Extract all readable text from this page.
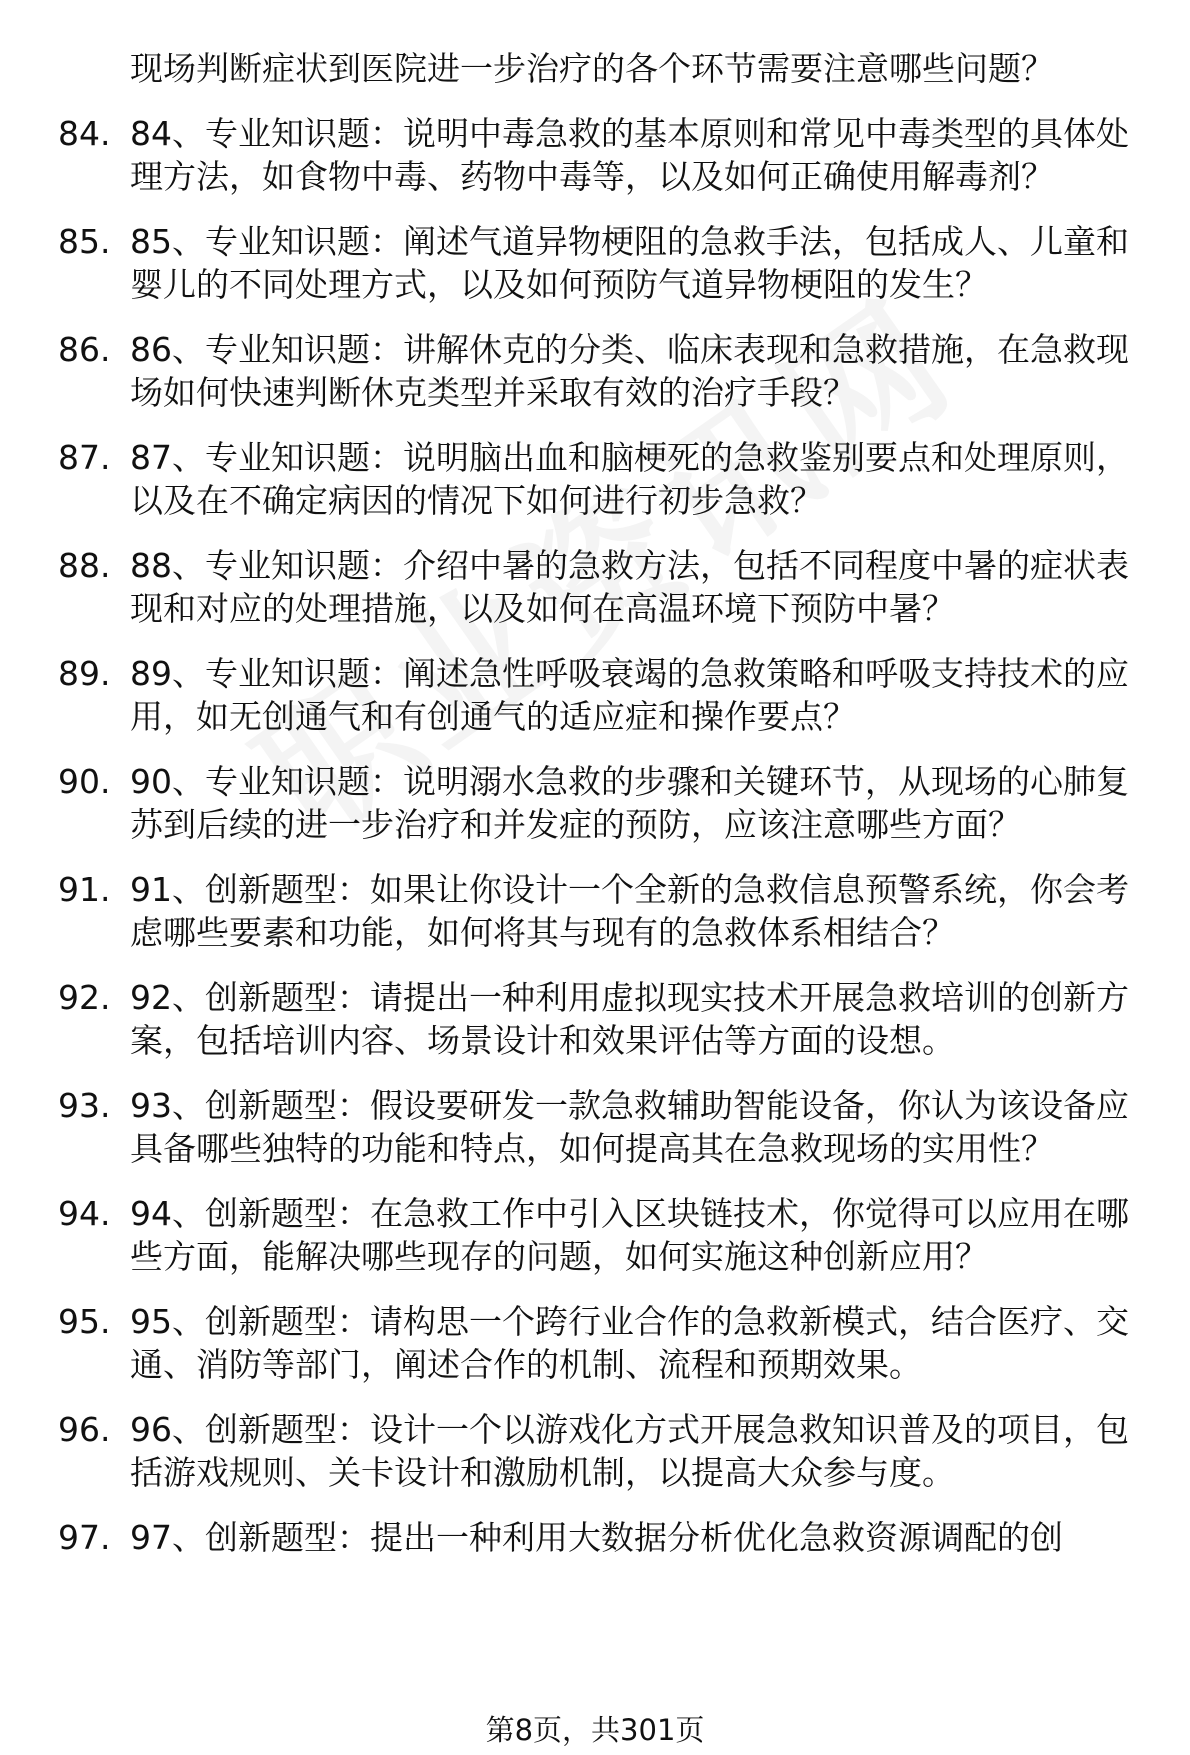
现场判断症状到医院进一步治疗的各个环节需要注意哪些问题？
84. 84、专业知识题：说明中毒急救的基本原则和常见中毒类型的具体处理方法，如食物中毒、药物中毒等，以及如何正确使用解毒剂？
85. 85、专业知识题：阐述气道异物梗阻的急救手法，包括成人、儿童和婴儿的不同处理方式，以及如何预防气道异物梗阻的发生？
86. 86、专业知识题：讲解休克的分类、临床表现和急救措施，在急救现场如何快速判断休克类型并采取有效的治疗手段？
87. 87、专业知识题：说明脑出血和脑梗死的急救鉴别要点和处理原则，以及在不确定病因的情况下如何进行初步急救？
88. 88、专业知识题：介绍中暑的急救方法，包括不同程度中暑的症状表现和对应的处理措施，以及如何在高温环境下预防中暑？
89. 89、专业知识题：阐述急性呼吸衰竭的急救策略和呼吸支持技术的应用，如无创通气和有创通气的适应症和操作要点？
90. 90、专业知识题：说明溺水急救的步骤和关键环节，从现场的心肺复苏到后续的进一步治疗和并发症的预防，应该注意哪些方面？
91. 91、创新题型：如果让你设计一个全新的急救信息预警系统，你会考虑哪些要素和功能，如何将其与现有的急救体系相结合？
92. 92、创新题型：请提出一种利用虚拟现实技术开展急救培训的创新方案，包括培训内容、场景设计和效果评估等方面的设想。
93. 93、创新题型：假设要研发一款急救辅助智能设备，你认为该设备应具备哪些独特的功能和特点，如何提高其在急救现场的实用性？
94. 94、创新题型：在急救工作中引入区块链技术，你觉得可以应用在哪些方面，能解决哪些现存的问题，如何实施这种创新应用？
95. 95、创新题型：请构思一个跨行业合作的急救新模式，结合医疗、交通、消防等部门，阐述合作的机制、流程和预期效果。
96. 96、创新题型：设计一个以游戏化方式开展急救知识普及的项目，包括游戏规则、关卡设计和激励机制，以提高大众参与度。
97. 97、创新题型：提出一种利用大数据分析优化急救资源调配的创
第8页，共301页
